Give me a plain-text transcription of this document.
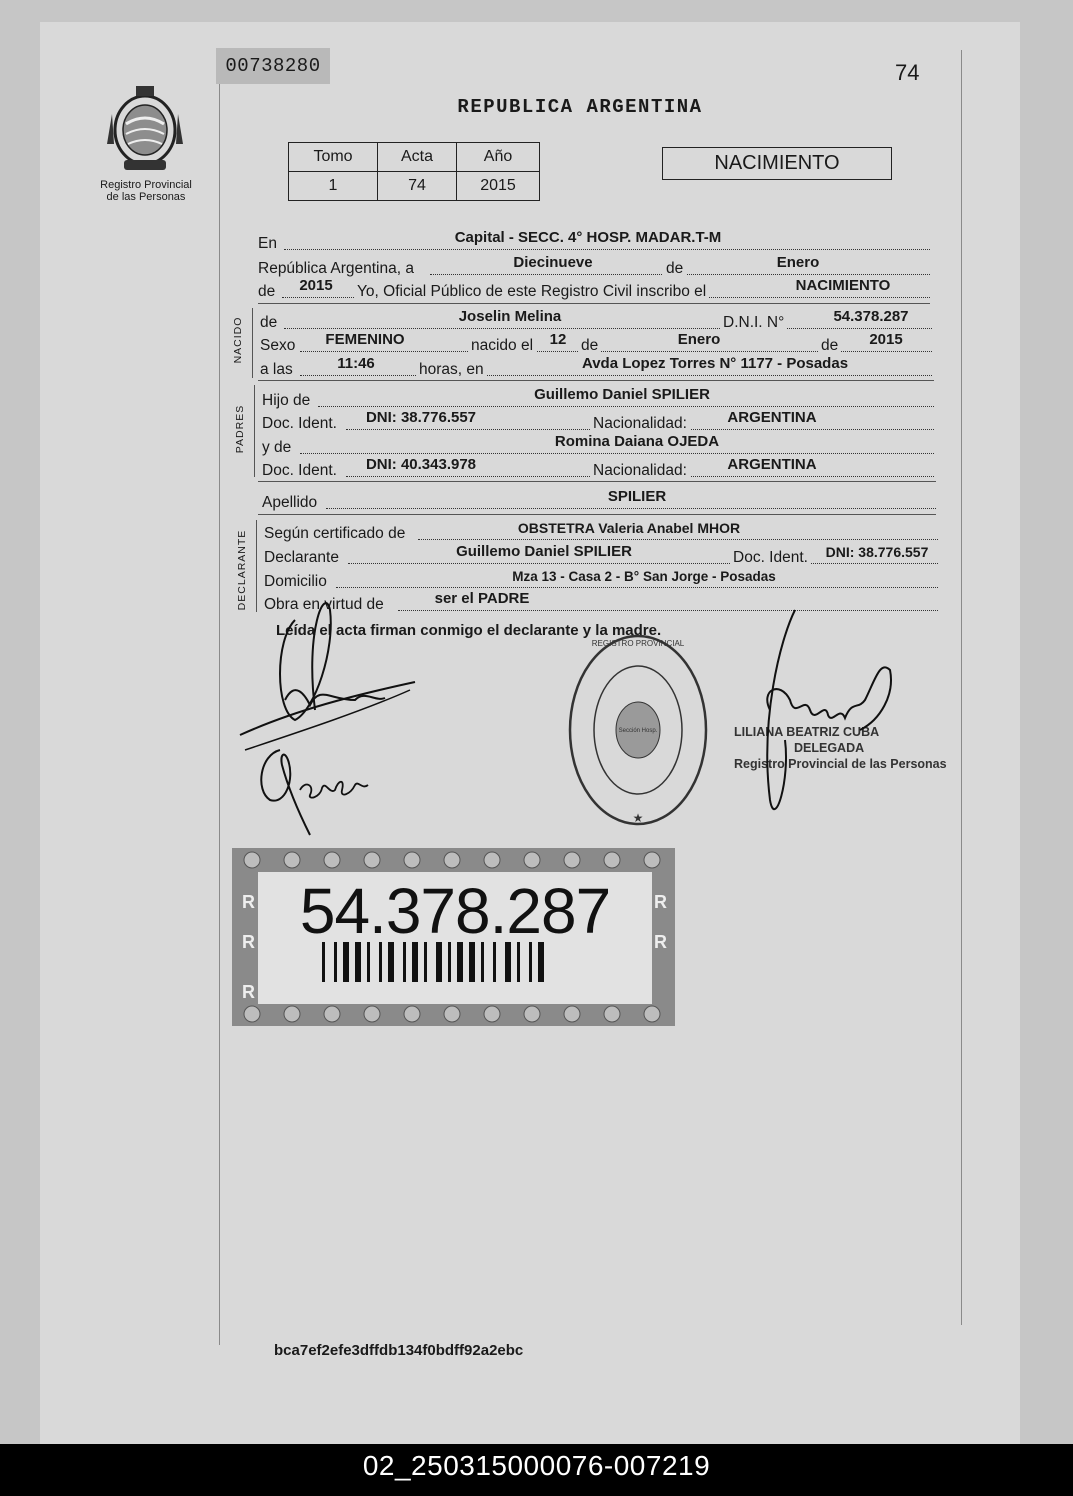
00738280	74
REPUBLICA ARGENTINA
Registro Provincial
de las Personas
Tomo	Acta	Año
1	74	2015
NACIMIENTO
En	Capital - SECC. 4° HOSP. MADAR.T-M
República Argentina, a	Diecinueve	de	Enero
de	2015	Yo, Oficial Público de este Registro Civil inscribo el	NACIMIENTO
NACIDO de	Joselin Melina	D.N.I. N°	54.378.287
Sexo	FEMENINO	nacido el	12 de	Enero	de	2015
a las	11:46	horas, en	Avda Lopez Torres N° 1177 - Posadas
PADRES
Hijo de	Guillemo Daniel SPILIER
Doc. Ident.	DNI: 38.776.557	Nacionalidad:	ARGENTINA
y de	Romina Daiana OJEDA
Doc. Ident.	DNI: 40.343.978	Nacionalidad:	ARGENTINA
Apellido	SPILIER
DECLARANTE Según certificado de	OBSTETRA Valeria Anabel MHOR
Declarante	Guillemo Daniel SPILIER	Doc. Ident.	DNI: 38.776.557
Domicilio	Mza 13 - Casa 2 - B° San Jorge - Posadas
Obra en virtud de	ser el PADRE
Leída el acta firman conmigo el declarante y la madre.
REGISTRO PROVINCIAL
Sección Hosp.
★
LILIANA BEATRIZ CUBA
DELEGADA
Registro Provincial de las Personas
R
R
R
R
R
54.378.287
bca7ef2efe3dffdb134f0bdff92a2ebc
02_250315000076-007219
